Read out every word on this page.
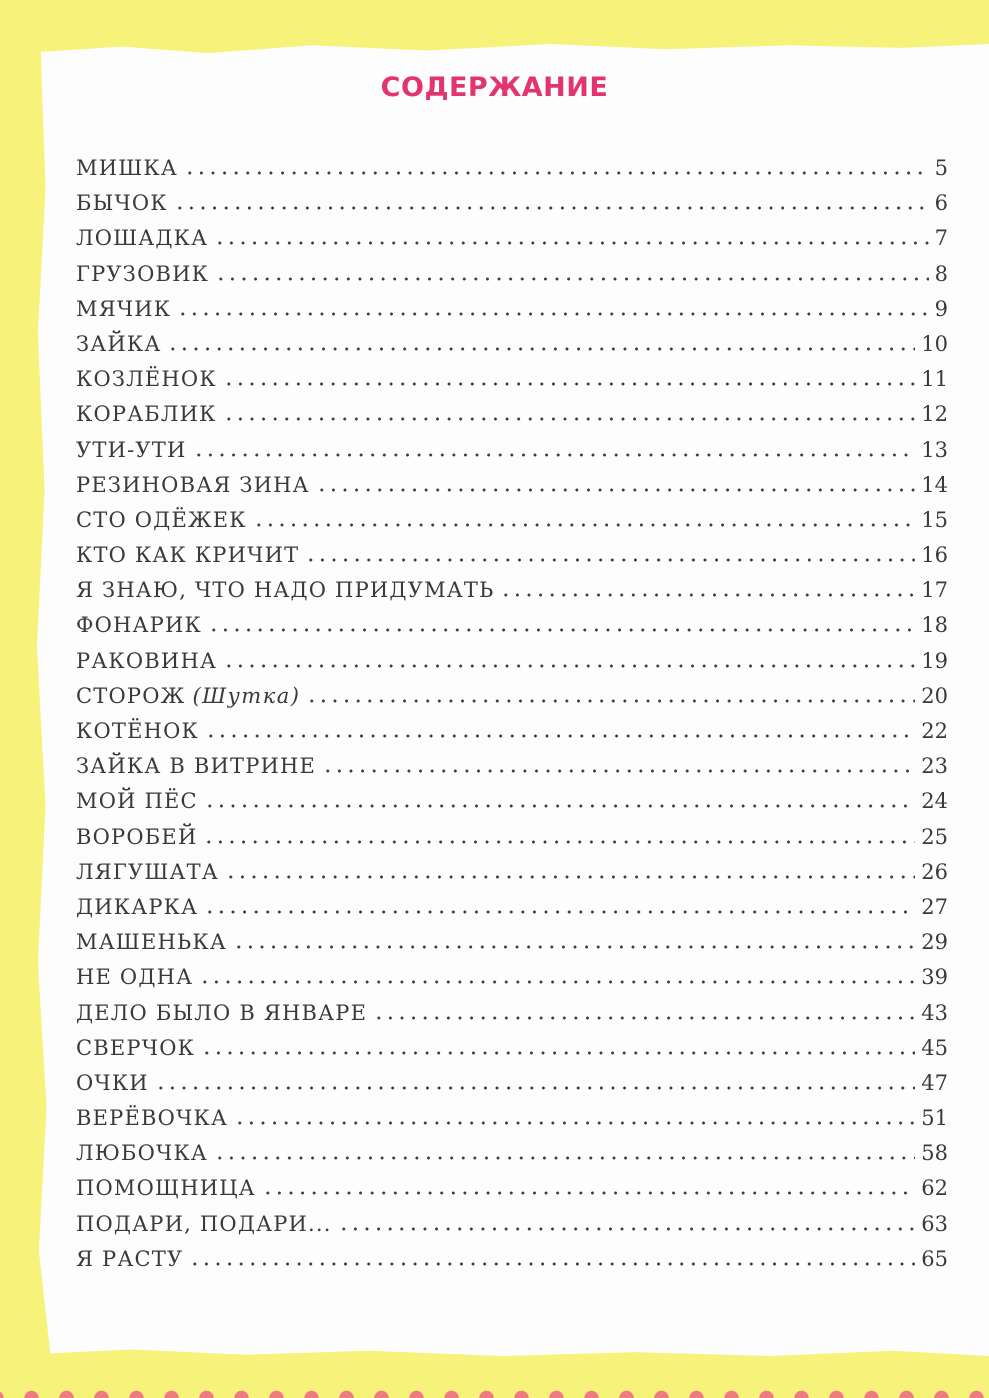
СОДЕРЖАНИЕ
МИШКА	5
БЫЧОК	6
ЛОШАДКА	7
ГРУЗОВИК	8
МЯЧИК	9
ЗАЙКА	10
КОЗЛЁНОК	11
КОРАБЛИК	12
УТИ-УТИ	13
РЕЗИНОВАЯ ЗИНА	14
СТО ОДЁЖЕК	15
КТО КАК КРИЧИТ	16
Я ЗНАЮ, ЧТО НАДО ПРИДУМАТЬ	17
ФОНАРИК	18
РАКОВИНА	19
СТОРОЖ (Шутка)	20
КОТЁНОК	22
ЗАЙКА В ВИТРИНЕ	23
МОЙ ПЁС	24
ВОРОБЕЙ	25
ЛЯГУШАТА	26
ДИКАРКА	27
МАШЕНЬКА	29
НЕ ОДНА	39
ДЕЛО БЫЛО В ЯНВАРЕ	43
СВЕРЧОК	45
ОЧКИ	47
ВЕРЁВОЧКА	51
ЛЮБОЧКА	58
ПОМОЩНИЦА	62
ПОДАРИ, ПОДАРИ...	63
Я РАСТУ	65
